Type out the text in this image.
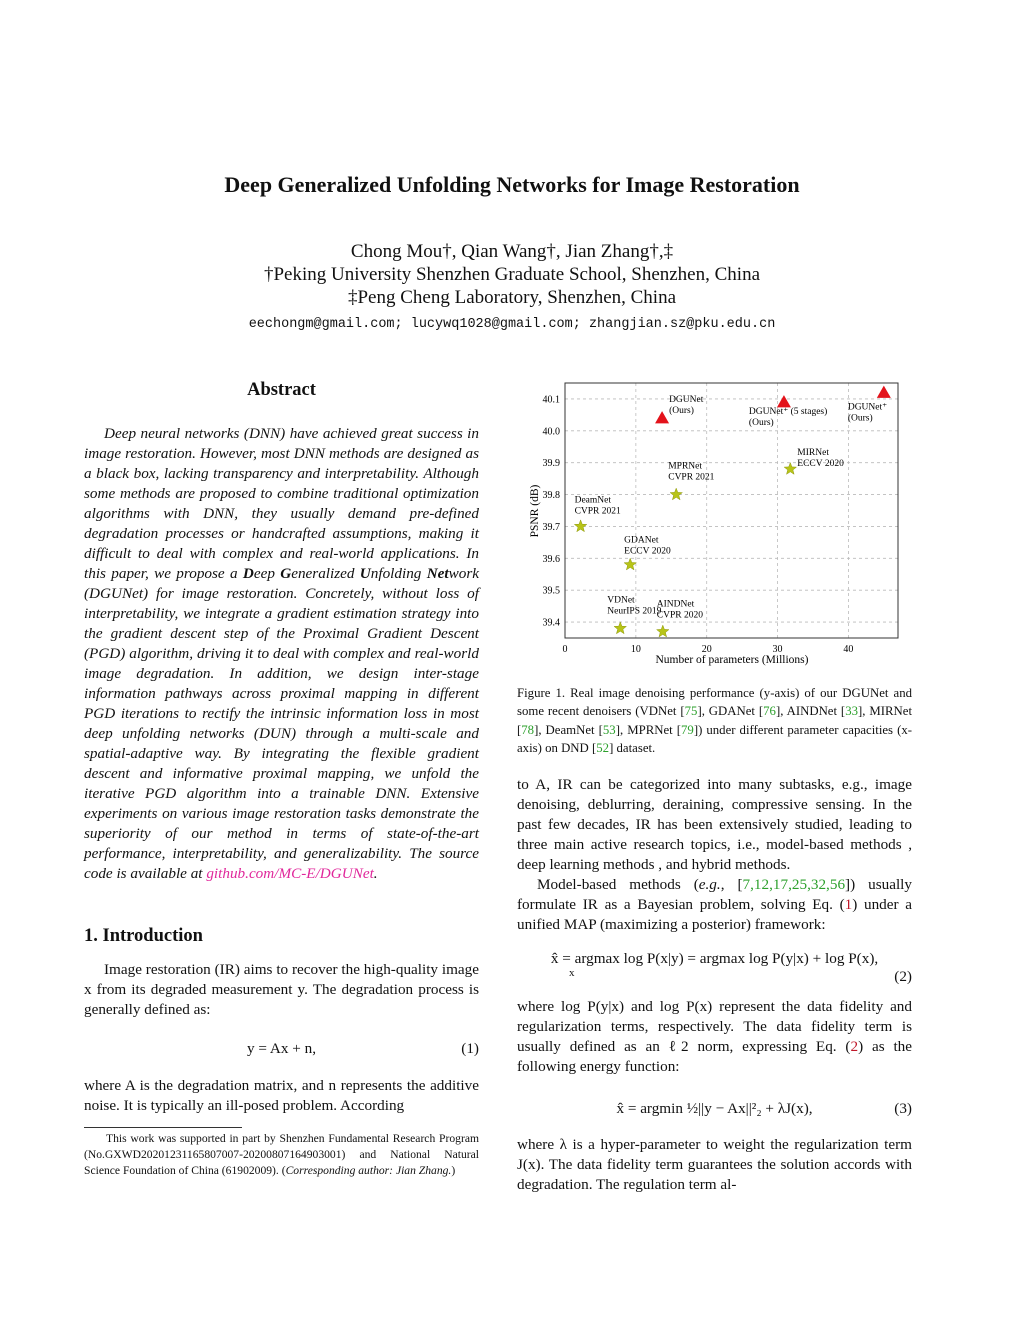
Deep Generalized Unfolding Networks for Image Restoration
Chong Mou†, Qian Wang†, Jian Zhang†,‡
†Peking University Shenzhen Graduate School, Shenzhen, China
‡Peng Cheng Laboratory, Shenzhen, China
eechongm@gmail.com; lucywq1028@gmail.com; zhangjian.sz@pku.edu.cn
Abstract
Deep neural networks (DNN) have achieved great success in image restoration. However, most DNN methods are designed as a black box, lacking transparency and interpretability. Although some methods are proposed to combine traditional optimization algorithms with DNN, they usually demand pre-defined degradation processes or handcrafted assumptions, making it difficult to deal with complex and real-world applications. In this paper, we propose a Deep Generalized Unfolding Network (DGUNet) for image restoration. Concretely, without loss of interpretability, we integrate a gradient estimation strategy into the gradient descent step of the Proximal Gradient Descent (PGD) algorithm, driving it to deal with complex and real-world image degradation. In addition, we design inter-stage information pathways across proximal mapping in different PGD iterations to rectify the intrinsic information loss in most deep unfolding networks (DUN) through a multi-scale and spatial-adaptive way. By integrating the flexible gradient descent and informative proximal mapping, we unfold the iterative PGD algorithm into a trainable DNN. Extensive experiments on various image restoration tasks demonstrate the superiority of our method in terms of state-of-the-art performance, interpretability, and generalizability. The source code is available at github.com/MC-E/DGUNet.
1. Introduction
Image restoration (IR) aims to recover the high-quality image x from its degraded measurement y. The degradation process is generally defined as:
y = Ax + n,	(1)
where A is the degradation matrix, and n represents the additive noise. It is typically an ill-posed problem. According
This work was supported in part by Shenzhen Fundamental Research Program (No.GXWD20201231165807007-20200807164903001) and National Natural Science Foundation of China (61902009). (Corresponding author: Jian Zhang.)
0	10	20	30	40
39.4
39.5
39.6
39.7
39.8
39.9
40.0
40.1
VDNet
NeurIPS 2019
AINDNet
CVPR 2020
GDANet
ECCV 2020
DeamNet
CVPR 2021
MPRNet
CVPR 2021
MIRNet
ECCV 2020
DGUNet
(Ours)	DGUNet⁺ (5 stages)
(Ours)
DGUNet⁺
(Ours)
Number of parameters (Millions)
PSNR (dB)
Figure 1. Real image denoising performance (y-axis) of our DGUNet and some recent denoisers (VDNet [75], GDANet [76], AINDNet [33], MIRNet [78], DeamNet [53], MPRNet [79]) under different parameter capacities (x-axis) on DND [52] dataset.
to A, IR can be categorized into many subtasks, e.g., image denoising, deblurring, deraining, compressive sensing. In the past few decades, IR has been extensively studied, leading to three main active research topics, i.e., model-based methods , deep learning methods , and hybrid methods.
Model-based methods (e.g., [7,12,17,25,32,56]) usually formulate IR as a Bayesian problem, solving Eq. (1) under a unified MAP (maximizing a posterior) framework:
x̂ = argmax log P(x|y) = argmax log P(y|x) + log P(x),
x	(2)
where log P(y|x) and log P(x) represent the data fidelity and regularization terms, respectively. The data fidelity term is usually defined as an ℓ2 norm, expressing Eq. (2) as the following energy function:
x̂ = argmin ½||y − Ax||²₂ + λJ(x),	(3)
where λ is a hyper-parameter to weight the regularization term J(x). The data fidelity term guarantees the solution accords with degradation. The regulation term al-
